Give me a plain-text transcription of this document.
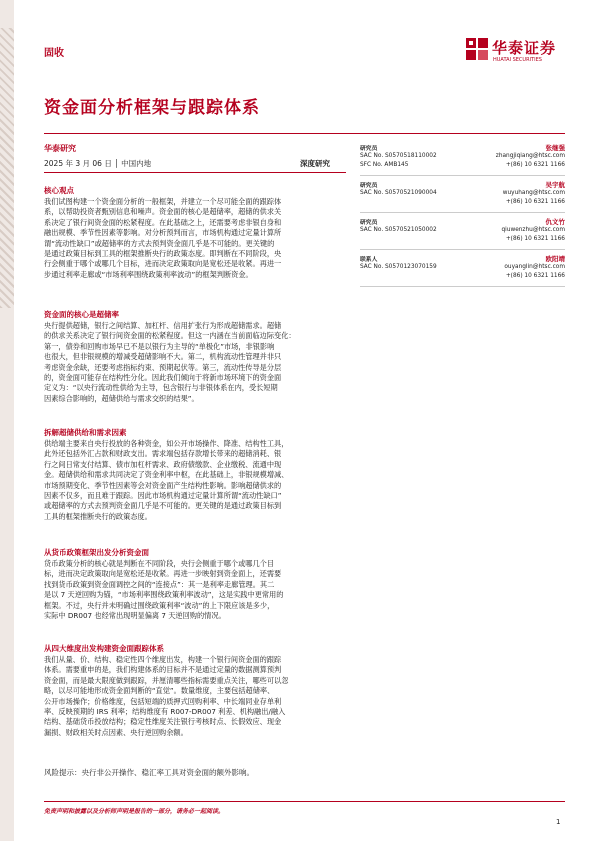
固收
资金面分析框架与跟踪体系
华泰证券
HUATAI SECURITIES
华泰研究
2025 年 3 月 06 日 │ 中国内地	深度研究
核心观点
我们试图构建一个资金面分析的一般框架，并建立一个尽可能全面的跟踪体
系，以帮助投资者甄别信息和噪声。资金面的核心是超储率，超储的供求关
系决定了银行间资金面的松紧程度。在此基础之上，还需要考虑非银自身和
融出规模、季节性因素等影响。对分析预判而言，市场机构通过定量计算所
谓“流动性缺口”或超储率的方式去预判资金面几乎是不可能的。更关键的
是通过政策目标到工具的框架推断央行的政策态度。即判断在不同阶段，央
行会侧重于哪个或哪几个目标，进而决定政策取向是宽松还是收紧。再进一
步通过利率走廊或“市场利率围绕政策利率波动”的框架判断资金。
资金面的核心是超储率
央行提供超储，银行之间结算、加杠杆、信用扩张行为形成超储需求。超储
的供求关系决定了银行间资金面的松紧程度。但这一内涵在当前面临边际变化：
第一，债券和回购市场早已不是以银行为主导的“单极化”市场，非银影响
也很大，但非银规模的增减受超储影响不大。第二，机构流动性管理并非只
考虑资金余缺，还要考虑指标约束、预期起伏等。第三，流动性传导是分层
的，资金面可能存在结构性分化。因此我们倾向于将新市场环境下的资金面
定义为：“以央行流动性供给为主导，包含银行与非银体系在内，受长短期
因素综合影响的，超储供给与需求交织的结果”。
拆解超储供给和需求因素
供给端主要来自央行投放的各种资金，如公开市场操作、降准、结构性工具，
此外还包括外汇占款和财政支出。需求端包括存款增长带来的超储消耗、银
行之间日常支付结算、债市加杠杆需求、政府债缴款、企业缴税、流通中现
金。超储供给和需求共同决定了资金利率中枢，在此基础上，非银规模增减、
市场预期变化、季节性因素等会对资金面产生结构性影响。影响超储供求的
因素不仅多，而且难于跟踪。因此市场机构通过定量计算所谓“流动性缺口”
或超储率的方式去预判资金面几乎是不可能的。更关键的是通过政策目标到
工具的框架推断央行的政策态度。
从货币政策框架出发分析资金面
货币政策分析的核心就是判断在不同阶段，央行会侧重于哪个或哪几个目
标，进而决定政策取向是宽松还是收紧。再进一步映射到资金面上，还需要
找到货币政策到资金面调控之间的“连接点”：其一是利率走廊管理。其二
是以 7 天逆回购为锚，“市场利率围绕政策利率波动”，这是实践中更常用的
框架。不过，央行并未明确过围绕政策利率“波动”的上下限应该是多少，
实际中 DR007 也经常出现明显偏离 7 天逆回购的情况。
从四大维度出发构建资金面跟踪体系
我们从量、价、结构、稳定性四个维度出发，构建一个银行间资金面的跟踪
体系。需要重申的是，我们构建体系的目标并不是通过定量的数据测算预判
资金面，而是最大限度做到跟踪，并厘清哪些指标需要重点关注，哪些可以忽
略，以尽可能地形成资金面判断的“直觉”。数量维度，主要包括超储率、
公开市场操作；价格维度，包括短端的质押式回购利率、中长端同业存单利
率、反映预期的 IRS 利率；结构维度有 R007-DR007 利差、机构融出/融入
结构、基础货币投放结构；稳定性维度关注银行考核时点、长假效应、现金
漏损、财政相关时点因素、央行逆回购余额。
研究员	张继强
SAC No. S0570518110002	zhangjiqiang@htsc.com
SFC No. AMB145	+(86) 10 6321 1166
研究员	吴宇航
SAC No. S0570521090004	wuyuhang@htsc.com
+(86) 10 6321 1166
研究员	仇文竹
SAC No. S0570521050002	qiuwenzhu@htsc.com
+(86) 10 6321 1166
联系人	欧阳靖
SAC No. S0570123070159	ouyanglin@htsc.com
+(86) 10 6321 1166
风险提示：央行非公开操作、稳汇率工具对资金面的额外影响。
免责声明和披露以及分析师声明是报告的一部分，请务必一起阅读。
1
